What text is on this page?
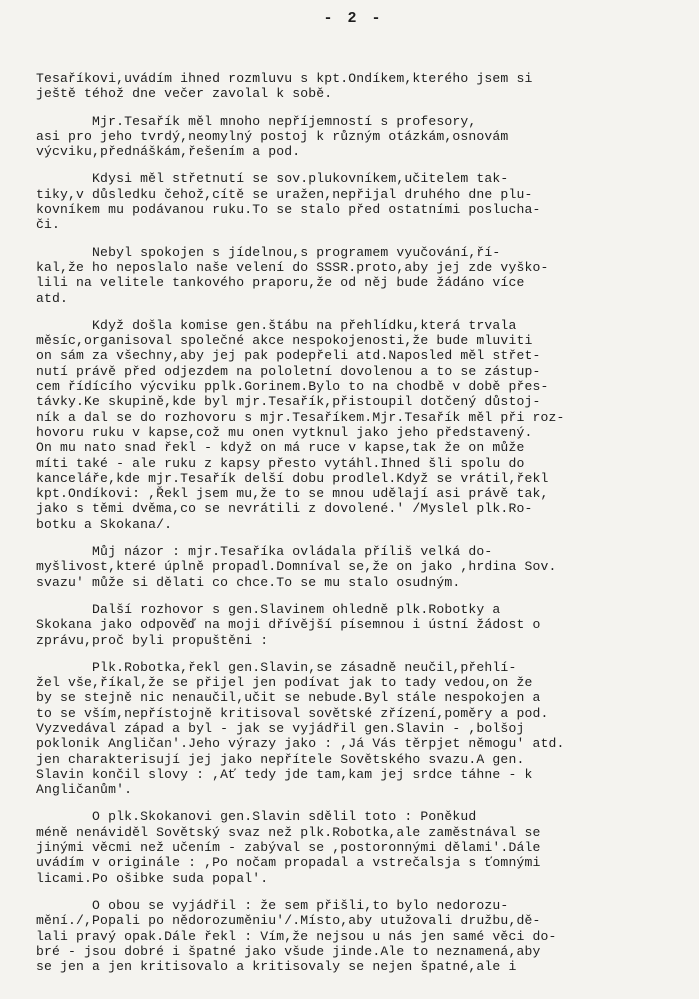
- 2 -
Tesaříkovi,uvádím ihned rozmluvu s kpt.Ondíkem,kterého jsem si
ještě téhož dne večer zavolal k sobě.
Mjr.Tesařík měl mnoho nepříjemností s profesory,
asi pro jeho tvrdý,neomylný postoj k různým otázkám,osnovám
výcviku,přednáškám,řešením a pod.
Kdysi měl střetnutí se sov.plukovníkem,učitelem tak-
tiky,v důsledku čehož,cítě se uražen,nepřijal druhého dne plu-
kovníkem mu podávanou ruku.To se stalo před ostatními posluchа-
či.
Nebyl spokojen s jídelnou,s programem vyučování,ří-
kal,že ho neposlalo naše velení do SSSR.proto,aby jej zde vyško-
lili na velitele tankového praporu,že od něj bude žádáno více
atd.
Když došla komise gen.štábu na přehlídku,která trvala
měsíc,organisoval společné akce nespokojenosti,že bude mluviti
on sám za všechny,aby jej pak podepřeli atd.Naposled měl střet-
nutí právě před odjezdem na pololetní dovolenou a to se zástup-
cem řídícího výcviku pplk.Gorinem.Bylo to na chodbě v době přes-
távky.Ke skupině,kde byl mjr.Tesařík,přistoupil dotčený důstoj-
ník a dal se do rozhovoru s mjr.Tesaříkem.Mjr.Tesařík měl při roz-
hovoru ruku v kapse,což mu onen vytknul jako jeho představený.
On mu nato snad řekl - když on má ruce v kapse,tak že on může
míti také - ale ruku z kapsy přesto vytáhl.Ihned šli spolu do
kanceláře,kde mjr.Tesařík delší dobu prodlel.Když se vrátil,řekl
kpt.Ondíkovi: ,Řekl jsem mu,že to se mnou udělají asi právě tak,
jako s těmi dvěma,co se nevrátili z dovolené.' /Myslel plk.Ro-
botku a Skokana/.
Můj názor : mjr.Tesaříka ovládala příliš velká do-
myšlivost,které úplně propadl.Domníval se,že on jako ,hrdina Sov.
svazu' může si dělati co chce.To se mu stalo osudným.
Další rozhovor s gen.Slavinem ohledně plk.Robotky a
Skokana jako odpověď na moji dřívější písemnou i ústní žádost o
zprávu,proč byli propuštěni :
Plk.Robotka,řekl gen.Slavin,se zásadně neučil,přehlí-
žel vše,říkal,že se přijel jen podívat jak to tady vedou,on že
by se stejně nic nenaučil,učit se nebude.Byl stále nespokojen a
to se vším,nepřístojně kritisoval sovětské zřízení,poměry a pod.
Vyzvedával západ a byl - jak se vyjádřil gen.Slavin - ,bolšoj
poklonik Angličan'.Jeho výrazy jako : ,Já Vás těrpjet němogu' atd.
jen charakterisují jej jako nepřítele Sovětského svazu.A gen.
Slavin končil slovy : ,Ať tedy jde tam,kam jej srdce táhne - k
Angličanům'.
O plk.Skokanovi gen.Slavin sdělil toto : Poněkud
méně nenáviděl Sovětský svaz než plk.Robotka,ale zaměstnával se
jinými věcmi než učením - zabýval se ,postoronnými dělami'.Dále
uvádím v originále : ,Po nočam propadal a vstrečalsja s ťomnými
licami.Po ošibke suda popal'.
O obou se vyjádřil : že sem přišli,to bylo nedorozu-
mění./,Popali po nědorozuměniu'/.Místo,aby utužovali družbu,dě-
lali pravý opak.Dále řekl : Vím,že nejsou u nás jen samé věci do-
bré - jsou dobré i špatné jako všude jinde.Ale to neznamená,aby
se jen a jen kritisovalo a kritisovaly se nejen špatné,ale i
